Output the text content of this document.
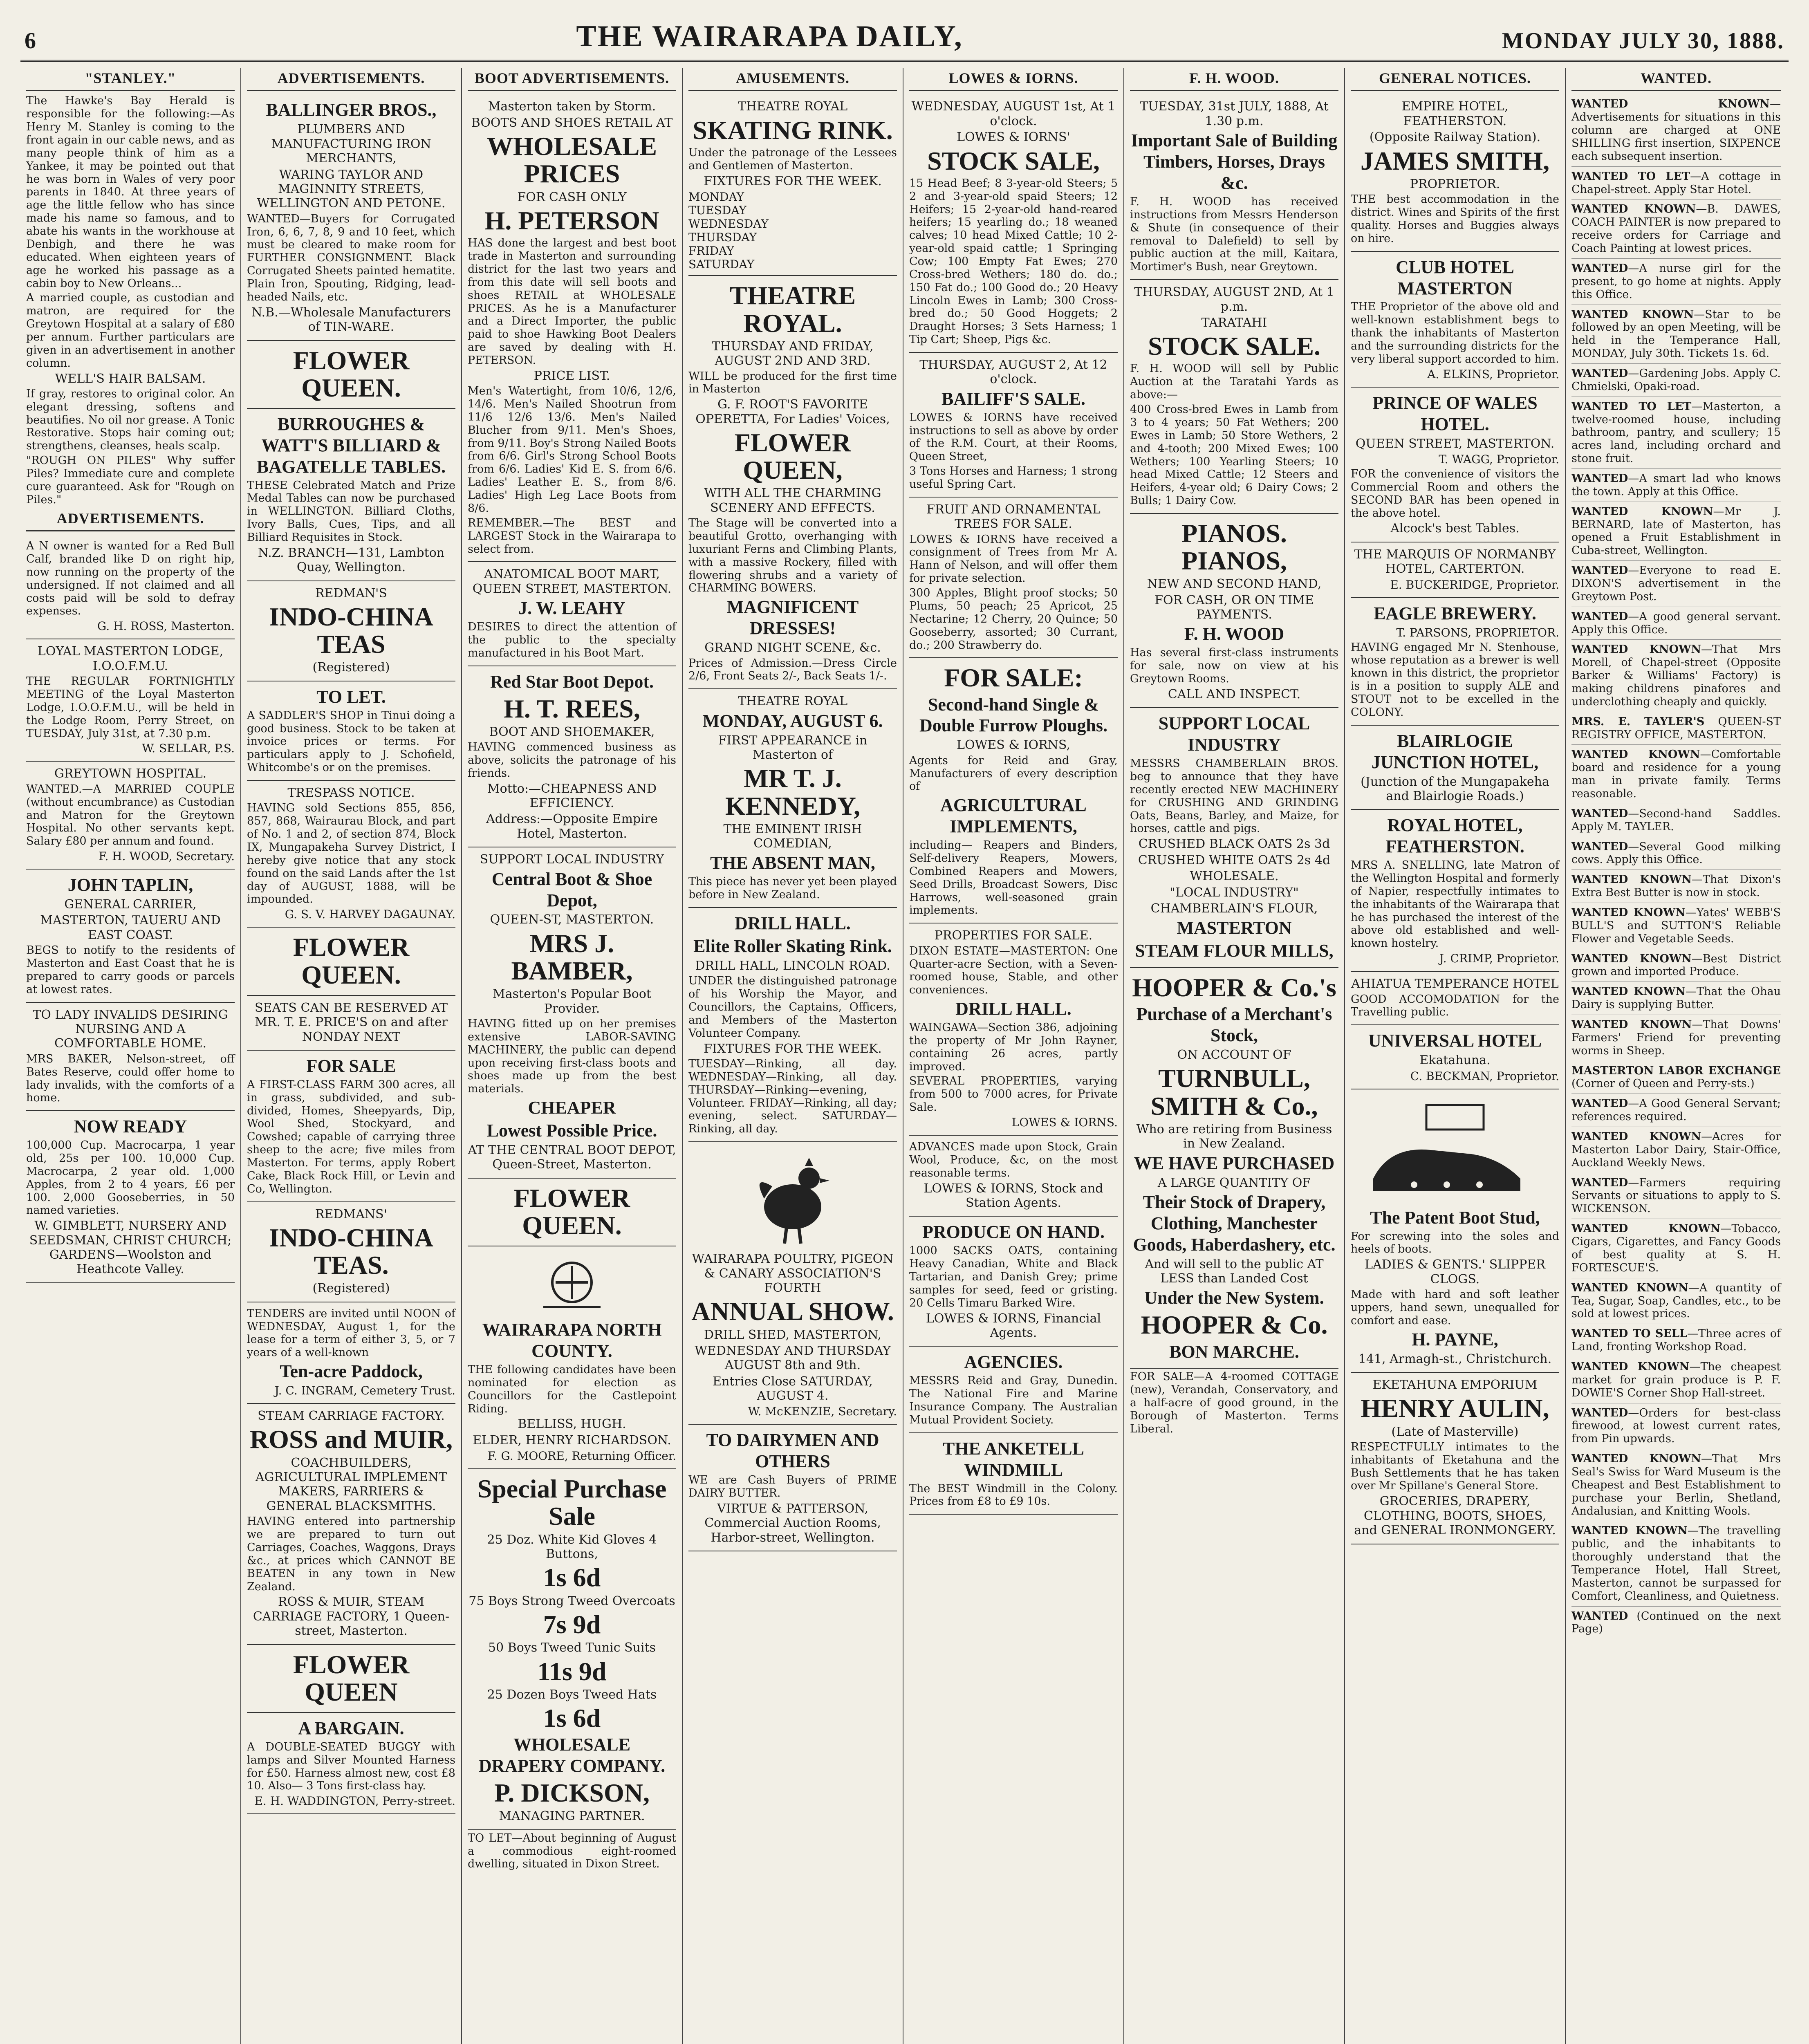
6	THE WAIRARAPA DAILY,	MONDAY JULY 30, 1888.
"STANLEY."

The Hawke's Bay Herald is responsible for the following:—As Henry M. Stanley is coming to the front again in our cable news, and as many people think of him as a Yankee, it may be pointed out that he was born in Wales of very poor parents in 1840. At three years of age the little fellow who has since made his name so famous, and to abate his wants in the workhouse at Denbigh, and there he was educated. When eighteen years of age he worked his passage as a cabin boy to New Orleans...

A married couple, as custodian and matron, are required for the Greytown Hospital at a salary of £80 per annum. Further particulars are given in an advertisement in another column.

WELL'S HAIR BALSAM.

If gray, restores to original color. An elegant dressing, softens and beautifies. No oil nor grease. A Tonic Restorative. Stops hair coming out; strengthens, cleanses, heals scalp.

"ROUGH ON PILES" Why suffer Piles? Immediate cure and complete cure guaranteed. Ask for "Rough on Piles."

ADVERTISEMENTS.

A N owner is wanted for a Red Bull Calf, branded like D on right hip, now running on the property of the undersigned. If not claimed and all costs paid will be sold to defray expenses.

G. H. ROSS, Masterton.

LOYAL MASTERTON LODGE, I.O.O.F.M.U.

THE REGULAR FORTNIGHTLY MEETING of the Loyal Masterton Lodge, I.O.O.F.M.U., will be held in the Lodge Room, Perry Street, on TUESDAY, July 31st, at 7.30 p.m.

W. SELLAR, P.S.

GREYTOWN HOSPITAL.

WANTED.—A MARRIED COUPLE (without encumbrance) as Custodian and Matron for the Greytown Hospital. No other servants kept. Salary £80 per annum and found.

F. H. WOOD, Secretary.

JOHN TAPLIN,

GENERAL CARRIER,

MASTERTON, TAUERU AND EAST COAST.

BEGS to notify to the residents of Masterton and East Coast that he is prepared to carry goods or parcels at lowest rates.

TO LADY INVALIDS DESIRING NURSING AND A COMFORTABLE HOME.

MRS BAKER, Nelson-street, off Bates Reserve, could offer home to lady invalids, with the comforts of a home.

NOW READY

100,000 Cup. Macrocarpa, 1 year old, 25s per 100. 10,000 Cup. Macrocarpa, 2 year old. 1,000 Apples, from 2 to 4 years, £6 per 100. 2,000 Gooseberries, in 50 named varieties.

W. GIMBLETT, NURSERY AND SEEDSMAN, CHRIST CHURCH; GARDENS—Woolston and Heathcote Valley.

ADVERTISEMENTS.

BALLINGER BROS.,

PLUMBERS AND MANUFACTURING IRON MERCHANTS,

WARING TAYLOR AND MAGINNITY STREETS, WELLINGTON AND PETONE.

WANTED—Buyers for Corrugated Iron, 6, 6, 7, 8, 9 and 10 feet, which must be cleared to make room for FURTHER CONSIGNMENT. Black Corrugated Sheets painted hematite. Plain Iron, Spouting, Ridging, lead-headed Nails, etc.

N.B.—Wholesale Manufacturers of TIN-WARE.

FLOWER QUEEN.

BURROUGHES & WATT'S BILLIARD & BAGATELLE TABLES.

THESE Celebrated Match and Prize Medal Tables can now be purchased in WELLINGTON. Billiard Cloths, Ivory Balls, Cues, Tips, and all Billiard Requisites in Stock.

N.Z. BRANCH—131, Lambton Quay, Wellington.

REDMAN'S

INDO-CHINA TEAS

(Registered)

TO LET.

A SADDLER'S SHOP in Tinui doing a good business. Stock to be taken at invoice prices or terms. For particulars apply to J. Schofield, Whitcombe's or on the premises.

TRESPASS NOTICE.

HAVING sold Sections 855, 856, 857, 868, Wairaurau Block, and part of No. 1 and 2, of section 874, Block IX, Mungapakeha Survey District, I hereby give notice that any stock found on the said Lands after the 1st day of AUGUST, 1888, will be impounded.

G. S. V. HARVEY DAGAUNAY.

FLOWER QUEEN.

SEATS CAN BE RESERVED AT MR. T. E. PRICE'S on and after NONDAY NEXT

FOR SALE

A FIRST-CLASS FARM 300 acres, all in grass, subdivided, and sub-divided, Homes, Sheepyards, Dip, Wool Shed, Stockyard, and Cowshed; capable of carrying three sheep to the acre; five miles from Masterton. For terms, apply Robert Cake, Black Rock Hill, or Levin and Co, Wellington.

REDMANS'

INDO-CHINA TEAS.

(Registered)

TENDERS are invited until NOON of WEDNESDAY, August 1, for the lease for a term of either 3, 5, or 7 years of a well-known

Ten-acre Paddock,

J. C. INGRAM, Cemetery Trust.

STEAM CARRIAGE FACTORY.

ROSS and MUIR,

COACHBUILDERS, AGRICULTURAL IMPLEMENT MAKERS, FARRIERS & GENERAL BLACKSMITHS.

HAVING entered into partnership we are prepared to turn out Carriages, Coaches, Waggons, Drays &c., at prices which CANNOT BE BEATEN in any town in New Zealand.

ROSS & MUIR, STEAM CARRIAGE FACTORY, 1 Queen-street, Masterton.

FLOWER QUEEN

A BARGAIN.

A DOUBLE-SEATED BUGGY with lamps and Silver Mounted Harness for £50. Harness almost new, cost £8 10. Also— 3 Tons first-class hay.

E. H. WADDINGTON, Perry-street.

BOOT ADVERTISEMENTS.

Masterton taken by Storm.

BOOTS AND SHOES RETAIL AT

WHOLESALE PRICES

FOR CASH ONLY

H. PETERSON

HAS done the largest and best boot trade in Masterton and surrounding district for the last two years and from this date will sell boots and shoes RETAIL at WHOLESALE PRICES. As he is a Manufacturer and a Direct Importer, the public paid to shoe Hawking Boot Dealers are saved by dealing with H. PETERSON.

PRICE LIST.

Men's Watertight, from 10/6, 12/6, 14/6. Men's Nailed Shootrun from 11/6 12/6 13/6. Men's Nailed Blucher from 9/11. Men's Shoes, from 9/11. Boy's Strong Nailed Boots from 6/6. Girl's Strong School Boots from 6/6. Ladies' Kid E. S. from 6/6. Ladies' Leather E. S., from 8/6. Ladies' High Leg Lace Boots from 8/6.

REMEMBER.—The BEST and LARGEST Stock in the Wairarapa to select from.

ANATOMICAL BOOT MART, QUEEN STREET, MASTERTON.

J. W. LEAHY

DESIRES to direct the attention of the public to the specialty manufactured in his Boot Mart.

Red Star Boot Depot.

H. T. REES,

BOOT AND SHOEMAKER,

HAVING commenced business as above, solicits the patronage of his friends.

Motto:—CHEAPNESS AND EFFICIENCY.

Address:—Opposite Empire Hotel, Masterton.

SUPPORT LOCAL INDUSTRY

Central Boot & Shoe Depot,

QUEEN-ST, MASTERTON.

MRS J. BAMBER,

Masterton's Popular Boot Provider.

HAVING fitted up on her premises extensive LABOR-SAVING MACHINERY, the public can depend upon receiving first-class boots and shoes made up from the best materials.

CHEAPER

Lowest Possible Price.

AT THE CENTRAL BOOT DEPOT, Queen-Street, Masterton.

FLOWER QUEEN.

WAIRARAPA NORTH COUNTY.

THE following candidates have been nominated for election as Councillors for the Castlepoint Riding.

BELLISS, HUGH.

ELDER, HENRY RICHARDSON.

F. G. MOORE, Returning Officer.

Special Purchase Sale

25 Doz. White Kid Gloves 4 Buttons,

1s 6d

75 Boys Strong Tweed Overcoats

7s 9d

50 Boys Tweed Tunic Suits

11s 9d

25 Dozen Boys Tweed Hats

1s 6d

WHOLESALE DRAPERY COMPANY.

P. DICKSON,

MANAGING PARTNER.

TO LET—About beginning of August a commodious eight-roomed dwelling, situated in Dixon Street.

AMUSEMENTS.

THEATRE ROYAL

SKATING RINK.

Under the patronage of the Lessees and Gentlemen of Masterton.

FIXTURES FOR THE WEEK.

MONDAY
TUESDAY
WEDNESDAY
THURSDAY
FRIDAY
SATURDAY

THEATRE ROYAL.

THURSDAY AND FRIDAY, AUGUST 2ND AND 3RD.

WILL be produced for the first time in Masterton

G. F. ROOT'S FAVORITE OPERETTA, For Ladies' Voices,

FLOWER QUEEN,

WITH ALL THE CHARMING SCENERY AND EFFECTS.

The Stage will be converted into a beautiful Grotto, overhanging with luxuriant Ferns and Climbing Plants, with a massive Rockery, filled with flowering shrubs and a variety of CHARMING BOWERS.

MAGNIFICENT DRESSES!

GRAND NIGHT SCENE, &c.

Prices of Admission.—Dress Circle 2/6, Front Seats 2/-, Back Seats 1/-.

THEATRE ROYAL

MONDAY, AUGUST 6.

FIRST APPEARANCE in Masterton of

MR T. J. KENNEDY,

THE EMINENT IRISH COMEDIAN,

THE ABSENT MAN,

This piece has never yet been played before in New Zealand.

DRILL HALL.

Elite Roller Skating Rink.

DRILL HALL, LINCOLN ROAD.

UNDER the distinguished patronage of his Worship the Mayor, and Councillors, the Captains, Officers, and Members of the Masterton Volunteer Company.

FIXTURES FOR THE WEEK.

TUESDAY—Rinking, all day. WEDNESDAY—Rinking, all day. THURSDAY—Rinking—evening, Volunteer. FRIDAY—Rinking, all day; evening, select. SATURDAY—Rinking, all day.

WAIRARAPA POULTRY, PIGEON & CANARY ASSOCIATION'S FOURTH

ANNUAL SHOW.

DRILL SHED, MASTERTON,

WEDNESDAY AND THURSDAY AUGUST 8th and 9th.

Entries Close SATURDAY, AUGUST 4.

W. McKENZIE, Secretary.

TO DAIRYMEN AND OTHERS

WE are Cash Buyers of PRIME DAIRY BUTTER.

VIRTUE & PATTERSON, Commercial Auction Rooms, Harbor-street, Wellington.

LOWES & IORNS.

WEDNESDAY, AUGUST 1st, At 1 o'clock.

LOWES & IORNS'

STOCK SALE,

15 Head Beef; 8 3-year-old Steers; 5 2 and 3-year-old spaid Steers; 12 Heifers; 15 2-year-old hand-reared heifers; 15 yearling do.; 18 weaned calves; 10 head Mixed Cattle; 10 2-year-old spaid cattle; 1 Springing Cow; 100 Empty Fat Ewes; 270 Cross-bred Wethers; 180 do. do.; 150 Fat do.; 100 Good do.; 20 Heavy Lincoln Ewes in Lamb; 300 Cross-bred do.; 50 Good Hoggets; 2 Draught Horses; 3 Sets Harness; 1 Tip Cart; Sheep, Pigs &c.

THURSDAY, AUGUST 2, At 12 o'clock.

BAILIFF'S SALE.

LOWES & IORNS have received instructions to sell as above by order of the R.M. Court, at their Rooms, Queen Street,

3 Tons Horses and Harness; 1 strong useful Spring Cart.

FRUIT AND ORNAMENTAL TREES FOR SALE.

LOWES & IORNS have received a consignment of Trees from Mr A. Hann of Nelson, and will offer them for private selection.

300 Apples, Blight proof stocks; 50 Plums, 50 peach; 25 Apricot, 25 Nectarine; 12 Cherry, 20 Quince; 50 Gooseberry, assorted; 30 Currant, do.; 200 Strawberry do.

FOR SALE:

Second-hand Single & Double Furrow Ploughs.

LOWES & IORNS,

Agents for Reid and Gray, Manufacturers of every description of

AGRICULTURAL IMPLEMENTS,

including— Reapers and Binders, Self-delivery Reapers, Mowers, Combined Reapers and Mowers, Seed Drills, Broadcast Sowers, Disc Harrows, well-seasoned grain implements.

PROPERTIES FOR SALE.

DIXON ESTATE—MASTERTON: One Quarter-acre Section, with a Seven-roomed house, Stable, and other conveniences.

DRILL HALL.

WAINGAWA—Section 386, adjoining the property of Mr John Rayner, containing 26 acres, partly improved.

SEVERAL PROPERTIES, varying from 500 to 7000 acres, for Private Sale.

LOWES & IORNS.

ADVANCES made upon Stock, Grain Wool, Produce, &c, on the most reasonable terms.

LOWES & IORNS, Stock and Station Agents.

PRODUCE ON HAND.

1000 SACKS OATS, containing Heavy Canadian, White and Black Tartarian, and Danish Grey; prime samples for seed, feed or gristing. 20 Cells Timaru Barked Wire.

LOWES & IORNS, Financial Agents.

AGENCIES.

MESSRS Reid and Gray, Dunedin. The National Fire and Marine Insurance Company. The Australian Mutual Provident Society.

THE ANKETELL WINDMILL

The BEST Windmill in the Colony. Prices from £8 to £9 10s.

F. H. WOOD.

TUESDAY, 31st JULY, 1888, At 1.30 p.m.

Important Sale of Building Timbers, Horses, Drays &c.

F. H. WOOD has received instructions from Messrs Henderson & Shute (in consequence of their removal to Dalefield) to sell by public auction at the mill, Kaitara, Mortimer's Bush, near Greytown.

THURSDAY, AUGUST 2ND, At 1 p.m.

TARATAHI

STOCK SALE.

F. H. WOOD will sell by Public Auction at the Taratahi Yards as above:—

400 Cross-bred Ewes in Lamb from 3 to 4 years; 50 Fat Wethers; 200 Ewes in Lamb; 50 Store Wethers, 2 and 4-tooth; 200 Mixed Ewes; 100 Wethers; 100 Yearling Steers; 10 head Mixed Cattle; 12 Steers and Heifers, 4-year old; 6 Dairy Cows; 2 Bulls; 1 Dairy Cow.

PIANOS. PIANOS,

NEW AND SECOND HAND,

FOR CASH, OR ON TIME PAYMENTS.

F. H. WOOD

Has several first-class instruments for sale, now on view at his Greytown Rooms.

CALL AND INSPECT.

SUPPORT LOCAL INDUSTRY

MESSRS CHAMBERLAIN BROS. beg to announce that they have recently erected NEW MACHINERY for CRUSHING AND GRINDING Oats, Beans, Barley, and Maize, for horses, cattle and pigs.

CRUSHED BLACK OATS 2s 3d

CRUSHED WHITE OATS 2s 4d

WHOLESALE.

"LOCAL INDUSTRY"

CHAMBERLAIN'S FLOUR,

MASTERTON

STEAM FLOUR MILLS,

HOOPER & Co.'s

Purchase of a Merchant's Stock,

ON ACCOUNT OF

TURNBULL, SMITH & Co.,

Who are retiring from Business in New Zealand.

WE HAVE PURCHASED

A LARGE QUANTITY OF

Their Stock of Drapery, Clothing, Manchester Goods, Haberdashery, etc.

And will sell to the public AT LESS than Landed Cost

Under the New System.

HOOPER & Co.

BON MARCHE.

FOR SALE—A 4-roomed COTTAGE (new), Verandah, Conservatory, and a half-acre of good ground, in the Borough of Masterton. Terms Liberal.

GENERAL NOTICES.

EMPIRE HOTEL, FEATHERSTON.

(Opposite Railway Station).

JAMES SMITH,

PROPRIETOR.

THE best accommodation in the district. Wines and Spirits of the first quality. Horses and Buggies always on hire.

CLUB HOTEL MASTERTON

THE Proprietor of the above old and well-known establishment begs to thank the inhabitants of Masterton and the surrounding districts for the very liberal support accorded to him.

A. ELKINS, Proprietor.

PRINCE OF WALES HOTEL.

QUEEN STREET, MASTERTON.

T. WAGG, Proprietor.

FOR the convenience of visitors the Commercial Room and others the SECOND BAR has been opened in the above hotel.

Alcock's best Tables.

THE MARQUIS OF NORMANBY HOTEL, CARTERTON.

E. BUCKERIDGE, Proprietor.

EAGLE BREWERY.

T. PARSONS, PROPRIETOR.

HAVING engaged Mr N. Stenhouse, whose reputation as a brewer is well known in this district, the proprietor is in a position to supply ALE and STOUT not to be excelled in the COLONY.

BLAIRLOGIE JUNCTION HOTEL,

(Junction of the Mungapakeha and Blairlogie Roads.)

ROYAL HOTEL, FEATHERSTON.

MRS A. SNELLING, late Matron of the Wellington Hospital and formerly of Napier, respectfully intimates to the inhabitants of the Wairarapa that he has purchased the interest of the above old established and well-known hostelry.

J. CRIMP, Proprietor.

AHIATUA TEMPERANCE HOTEL

GOOD ACCOMODATION for the Travelling public.

UNIVERSAL HOTEL

Ekatahuna.

C. BECKMAN, Proprietor.

The Patent Boot Stud,

For screwing into the soles and heels of boots.

LADIES & GENTS.' SLIPPER CLOGS.

Made with hard and soft leather uppers, hand sewn, unequalled for comfort and ease.

H. PAYNE,

141, Armagh-st., Christchurch.

EKETAHUNA EMPORIUM

HENRY AULIN,

(Late of Masterville)

RESPECTFULLY intimates to the inhabitants of Eketahuna and the Bush Settlements that he has taken over Mr Spillane's General Store.

GROCERIES, DRAPERY, CLOTHING, BOOTS, SHOES, and GENERAL IRONMONGERY.

WANTED.
WANTED KNOWN—Advertisements for situations in this column are charged at ONE SHILLING first insertion, SIXPENCE each subsequent insertion.
WANTED TO LET—A cottage in Chapel-street. Apply Star Hotel.
WANTED KNOWN—B. DAWES, COACH PAINTER is now prepared to receive orders for Carriage and Coach Painting at lowest prices.
WANTED—A nurse girl for the present, to go home at nights. Apply this Office.
WANTED KNOWN—Star to be followed by an open Meeting, will be held in the Temperance Hall, MONDAY, July 30th. Tickets 1s. 6d.
WANTED—Gardening Jobs. Apply C. Chmielski, Opaki-road.
WANTED TO LET—Masterton, a twelve-roomed house, including bathroom, pantry, and scullery; 15 acres land, including orchard and stone fruit.
WANTED—A smart lad who knows the town. Apply at this Office.
WANTED KNOWN—Mr J. BERNARD, late of Masterton, has opened a Fruit Establishment in Cuba-street, Wellington.
WANTED—Everyone to read E. DIXON'S advertisement in the Greytown Post.
WANTED—A good general servant. Apply this Office.
WANTED KNOWN—That Mrs Morell, of Chapel-street (Opposite Barker & Williams' Factory) is making childrens pinafores and underclothing cheaply and quickly.
MRS. E. TAYLER'S QUEEN-ST REGISTRY OFFICE, MASTERTON.
WANTED KNOWN—Comfortable board and residence for a young man in private family. Terms reasonable.
WANTED—Second-hand Saddles. Apply M. TAYLER.
WANTED—Several Good milking cows. Apply this Office.
WANTED KNOWN—That Dixon's Extra Best Butter is now in stock.
WANTED KNOWN—Yates' WEBB'S BULL'S and SUTTON'S Reliable Flower and Vegetable Seeds.
WANTED KNOWN—Best District grown and imported Produce.
WANTED KNOWN—That the Ohau Dairy is supplying Butter.
WANTED KNOWN—That Downs' Farmers' Friend for preventing worms in Sheep.
MASTERTON LABOR EXCHANGE (Corner of Queen and Perry-sts.)
WANTED—A Good General Servant; references required.
WANTED KNOWN—Acres for Masterton Labor Dairy, Stair-Office, Auckland Weekly News.
WANTED—Farmers requiring Servants or situations to apply to S. WICKENSON.
WANTED KNOWN—Tobacco, Cigars, Cigarettes, and Fancy Goods of best quality at S. H. FORTESCUE'S.
WANTED KNOWN—A quantity of Tea, Sugar, Soap, Candles, etc., to be sold at lowest prices.
WANTED TO SELL—Three acres of Land, fronting Workshop Road.
WANTED KNOWN—The cheapest market for grain produce is P. F. DOWIE'S Corner Shop Hall-street.
WANTED—Orders for best-class firewood, at lowest current rates, from Pin upwards.
WANTED KNOWN—That Mrs Seal's Swiss for Ward Museum is the Cheapest and Best Establishment to purchase your Berlin, Shetland, Andalusian, and Knitting Wools.
WANTED KNOWN—The travelling public, and the inhabitants to thoroughly understand that the Temperance Hotel, Hall Street, Masterton, cannot be surpassed for Comfort, Cleanliness, and Quietness.
WANTED (Continued on the next Page)
